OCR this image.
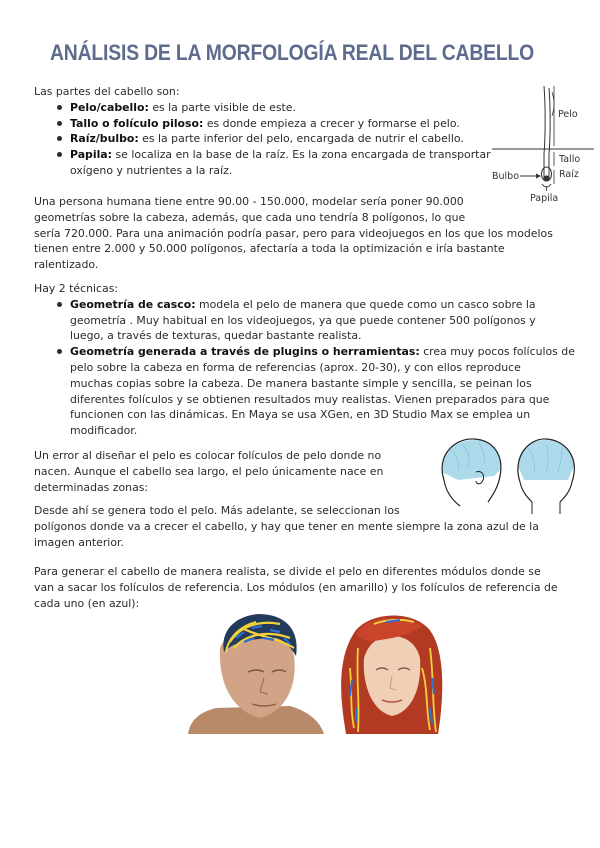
ANÁLISIS DE LA MORFOLOGÍA REAL DEL CABELLO

Las partes del cabello son:

Pelo/cabello: es la parte visible de este.
Tallo o folículo piloso: es donde empieza a crecer y formarse el pelo.
Raíz/bulbo: es la parte inferior del pelo, encargada de nutrir el cabello.
Papila: se localiza en la base de la raíz. Es la zona encargada de transportar
oxígeno y nutrientes a la raíz.
Pelo
Tallo
Raíz
Bulbo
Papila

Una persona humana tiene entre 90.00 - 150.000, modelar sería poner 90.000

geometrías sobre la cabeza, además, que cada uno tendría 8 polígonos, lo que

sería 720.000. Para una animación podría pasar, pero para videojuegos en los que los modelos

tienen entre 2.000 y 50.000 polígonos, afectaría a toda la optimización e iría bastante

ralentizado.

Hay 2 técnicas:

Geometría de casco: modela el pelo de manera que quede como un casco sobre la
geometría . Muy habitual en los videojuegos, ya que puede contener 500 polígonos y
luego, a través de texturas, quedar bastante realista.
Geometría generada a través de plugins o herramientas: crea muy pocos folículos de
pelo sobre la cabeza en forma de referencias (aprox. 20-30), y con ellos reproduce
muchas copias sobre la cabeza. De manera bastante simple y sencilla, se peinan los
diferentes folículos y se obtienen resultados muy realistas. Vienen preparados para que
funcionen con las dinámicas. En Maya se usa XGen, en 3D Studio Max se emplea un
modificador.

Un error al diseñar el pelo es colocar folículos de pelo donde no

nacen. Aunque el cabello sea largo, el pelo únicamente nace en

determinadas zonas:

Desde ahí se genera todo el pelo. Más adelante, se seleccionan los

polígonos donde va a crecer el cabello, y hay que tener en mente siempre la zona azul de la

imagen anterior.

Para generar el cabello de manera realista, se divide el pelo en diferentes módulos donde se

van a sacar los folículos de referencia. Los módulos (en amarillo) y los folículos de referencia de

cada uno (en azul):
